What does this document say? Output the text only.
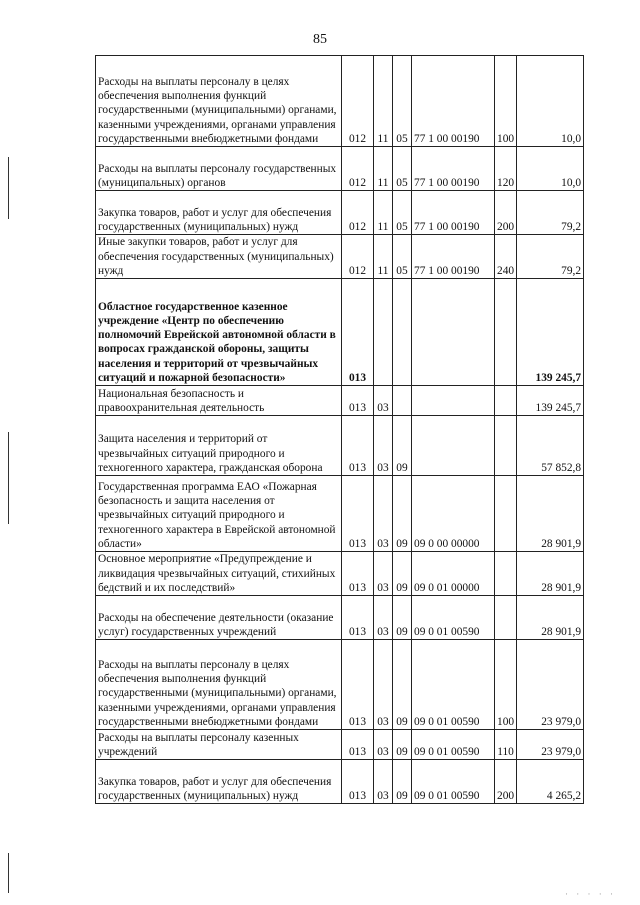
85
Расходы на выплаты персоналу в целях обеспечения выполнения функций государственными (муниципальными) органами, казенными учреждениями, органами управления государственными внебюджетными фондами	012	11	05	77 1 00 00190	100	10,0
Расходы на выплаты персоналу государственных (муниципальных) органов	012	11	05	77 1 00 00190	120	10,0
Закупка товаров, работ и услуг для обеспечения государственных (муниципальных) нужд	012	11	05	77 1 00 00190	200	79,2
Иные закупки товаров, работ и услуг для обеспечения государственных (муниципальных) нужд	012	11	05	77 1 00 00190	240	79,2
Областное государственное казенное учреждение «Центр по обеспечению полномочий Еврейской автономной области в вопросах гражданской обороны, защиты населения и территорий от чрезвычайных ситуаций и пожарной безопасности»	013					139 245,7
Национальная безопасность и правоохранительная деятельность	013	03				139 245,7
Защита населения и территорий от чрезвычайных ситуаций природного и техногенного характера, гражданская оборона	013	03	09			57 852,8
Государственная программа ЕАО «Пожарная безопасность и защита населения от чрезвычайных ситуаций природного и техногенного характера в Еврейской автономной области»	013	03	09	09 0 00 00000		28 901,9
Основное мероприятие «Предупреждение и ликвидация чрезвычайных ситуаций, стихийных бедствий и их последствий»	013	03	09	09 0 01 00000		28 901,9
Расходы на обеспечение деятельности (оказание услуг) государственных учреждений	013	03	09	09 0 01 00590		28 901,9
Расходы на выплаты персоналу в целях обеспечения выполнения функций государственными (муниципальными) органами, казенными учреждениями, органами управления государственными внебюджетными фондами	013	03	09	09 0 01 00590	100	23 979,0
Расходы на выплаты персоналу казенных учреждений	013	03	09	09 0 01 00590	110	23 979,0
Закупка товаров, работ и услуг для обеспечения государственных (муниципальных) нужд	013	03	09	09 0 01 00590	200	4 265,2
· · · · ·
